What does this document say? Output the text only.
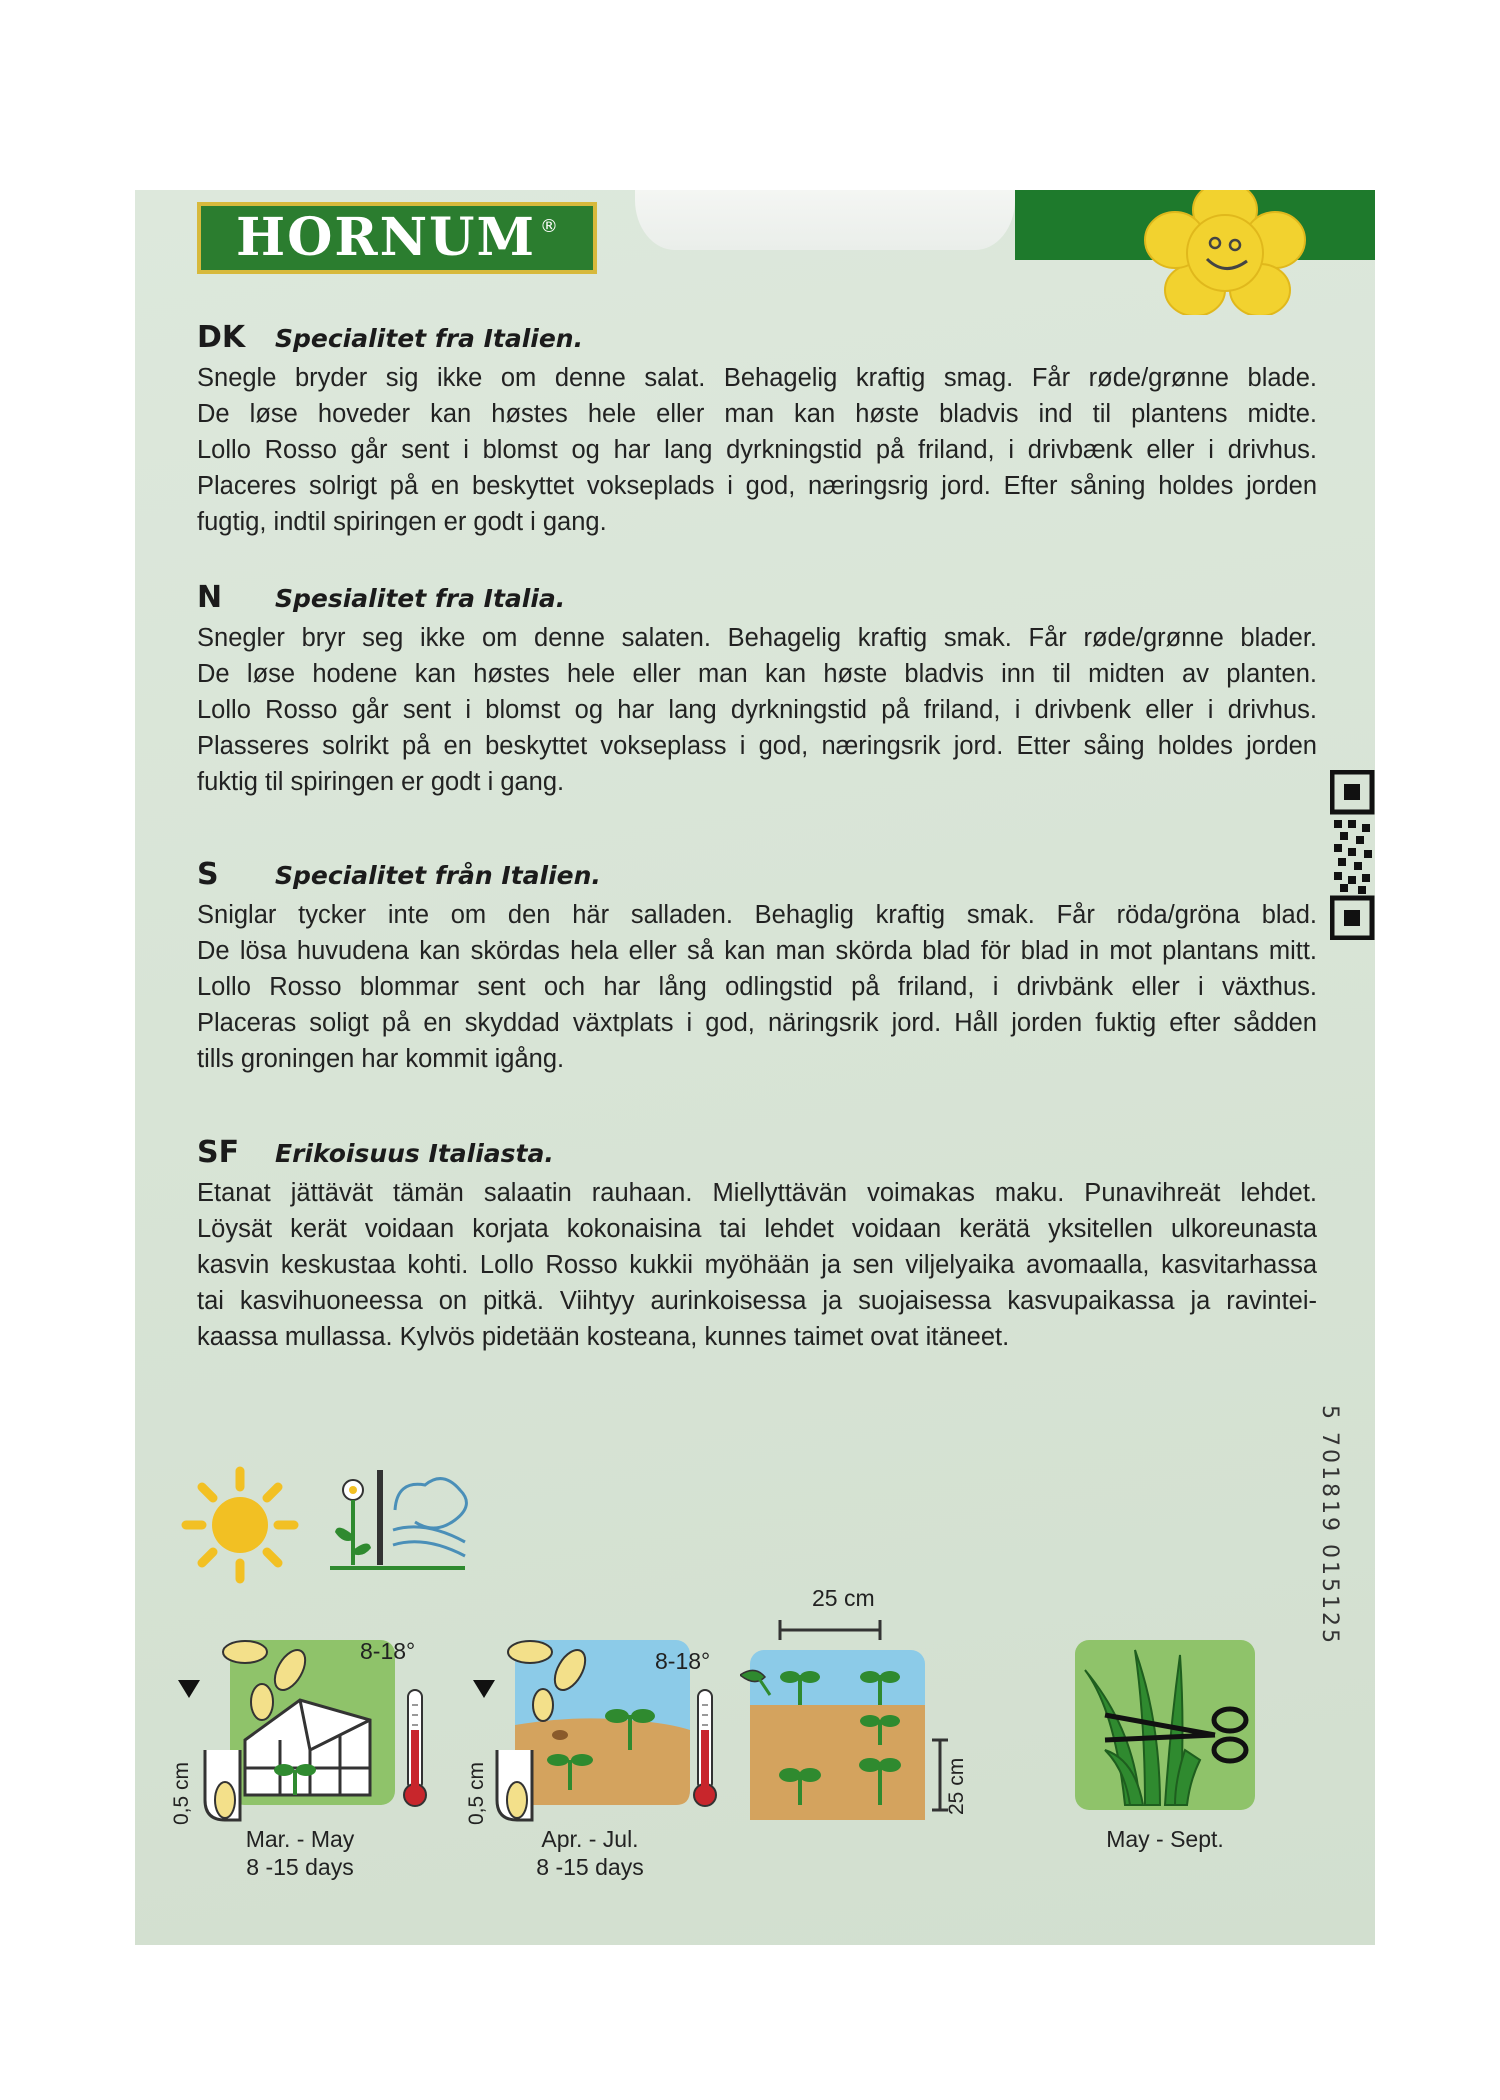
HORNUM ®
DK	Specialitet fra Italien.
Snegle bryder sig ikke om denne salat. Behagelig kraftig smag. Får røde/grønne blade.
De løse hoveder kan høstes hele eller man kan høste bladvis ind til plantens midte.
Lollo Rosso går sent i blomst og har lang dyrkningstid på friland, i drivbænk eller i drivhus.
Placeres solrigt på en beskyttet vokseplads i god, næringsrig jord. Efter såning holdes jorden
fugtig, indtil spiringen er godt i gang.
N	Spesialitet fra Italia.
Snegler bryr seg ikke om denne salaten. Behagelig kraftig smak. Får røde/grønne blader.
De løse hodene kan høstes hele eller man kan høste bladvis inn til midten av planten.
Lollo Rosso går sent i blomst og har lang dyrkningstid på friland, i drivbenk eller i drivhus.
Plasseres solrikt på en beskyttet vokseplass i god, næringsrik jord. Etter såing holdes jorden
fuktig til spiringen er godt i gang.
S	Specialitet från Italien.
Sniglar tycker inte om den här salladen. Behaglig kraftig smak. Får röda/gröna blad.
De lösa huvudena kan skördas hela eller så kan man skörda blad för blad in mot plantans mitt.
Lollo Rosso blommar sent och har lång odlingstid på friland, i drivbänk eller i växthus.
Placeras soligt på en skyddad växtplats i god, näringsrik jord. Håll jorden fuktig efter sådden
tills groningen har kommit igång.
SF	Erikoisuus Italiasta.
Etanat jättävät tämän salaatin rauhaan. Miellyttävän voimakas maku. Punavihreät lehdet.
Löysät kerät voidaan korjata kokonaisina tai lehdet voidaan kerätä yksitellen ulkoreunasta
kasvin keskustaa kohti. Lollo Rosso kukkii myöhään ja sen viljelyaika avomaalla, kasvitarhassa
tai kasvihuoneessa on pitkä. Viihtyy aurinkoisessa ja suojaisessa kasvupaikassa ja ravintei-
kaassa mullassa. Kylvös pidetään kosteana, kunnes taimet ovat itäneet.
5 701819 015125
8-18°
0,5 cm
Mar. - May
8 -15 days
8-18°
0,5 cm
Apr. - Jul.
8 -15 days
25 cm
25 cm
May - Sept.
